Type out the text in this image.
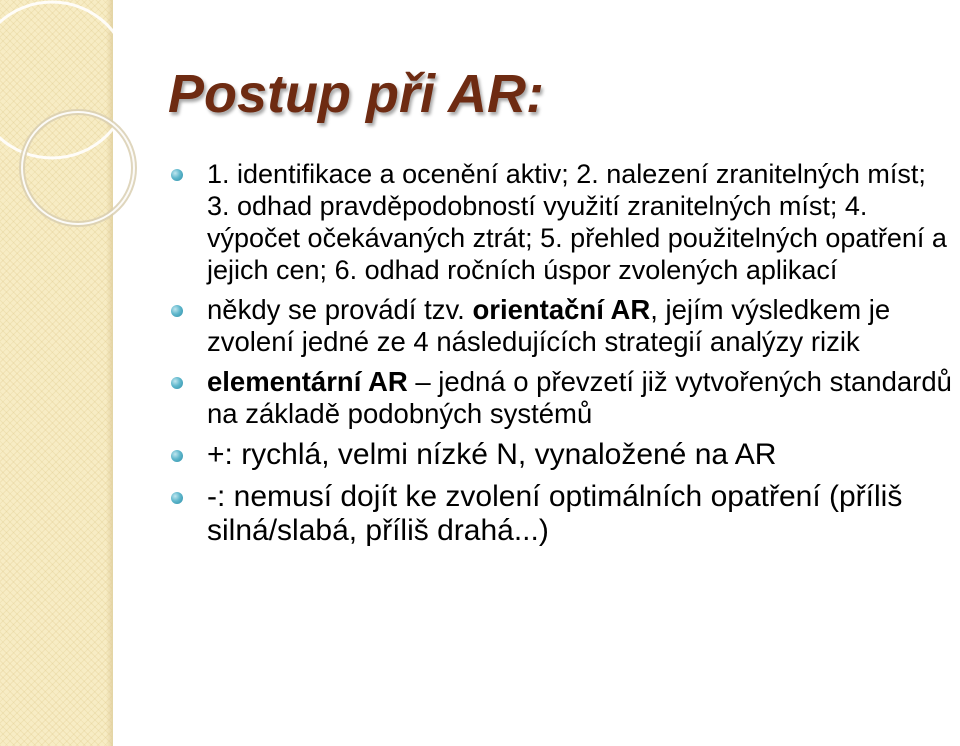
Postup při AR:
1. identifikace a ocenění aktiv; 2. nalezení zranitelných míst; 3. odhad pravděpodobností využití zranitelných míst; 4. výpočet očekávaných ztrát; 5. přehled použitelných opatření a jejich cen; 6. odhad ročních úspor zvolených aplikací
někdy se provádí tzv. orientační AR, jejím výsledkem je zvolení jedné ze 4 následujících strategií analýzy rizik
elementární AR – jedná o převzetí již vytvořených standardů na základě podobných systémů
+: rychlá, velmi nízké N, vynaložené na AR
-: nemusí dojít ke zvolení optimálních opatření (příliš silná/slabá, příliš drahá...)
